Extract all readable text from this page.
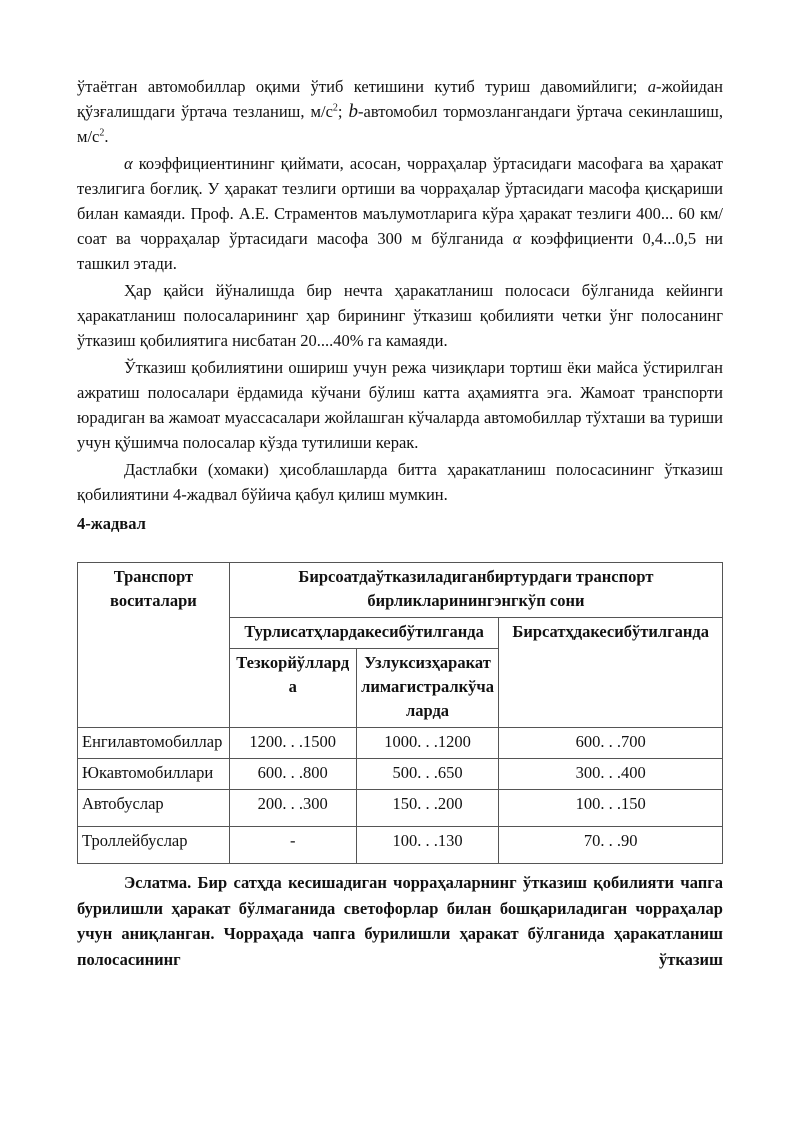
ўтаётган автомобиллар оқими ўтиб кетишини кутиб туриш давомийлиги; a-жойидан қўзғалишдаги ўртача тезланиш, $м/с^2$; b-автомобил тормозлангандаги ўртача секинлашиш, $м/с^2$.

α коэффициентининг қиймати, асосан, чорраҳалар ўртасидаги масофага ва ҳаракат тезлигига боғлиқ. У ҳаракат тезлиги ортиши ва чорраҳалар ўртасидаги масофа қисқариши билан камаяди. Проф. А.Е. Страментов маълумотларига кўра ҳаракат тезлиги 400... 60 км/соат ва чорраҳалар ўртасидаги масофа 300 м бўлганида α коэффициенти 0,4...0,5 ни ташкил этади.

Ҳар қайси йўналишда бир нечта ҳаракатланиш полосаси бўлганида кейинги ҳаракатланиш полосаларининг ҳар бирининг ўтказиш қобилияти четки ўнг полосанинг ўтказиш қобилиятига нисбатан 20....40% га камаяди.

Ўтказиш қобилиятини ошириш учун режа чизиқлари тортиш ёки майса ўстирилган ажратиш полосалари ёрдамида кўчани бўлиш катта аҳамиятга эга. Жамоат транспорти юрадиган ва жамоат муассасалари жойлашган кўчаларда автомобиллар тўхташи ва туриши учун қўшимча полосалар кўзда тутилиши керак.

Дастлабки (хомаки) ҳисоблашларда битта ҳаракатланиш полосасининг ўтказиш қобилиятини 4-жадвал бўйича қабул қилиш мумкин.

4-жадвал

Транспорт воситалари	Бирсоатдаўтказиладиганбиртурдаги транспорт бирликларинингэнгкўп сони		
	Турлисатҳлардакесибўтилганда		Бирсатҳдакесибўтилганда
	Тезкорйўлларда	Узлуксизҳаракатлимагистралкўчаларда	
Енгилавтомобиллар	1200. . .1500	1000. . .1200	600. . .700
Юкавтомобиллари	600. . .800	500. . .650	300. . .400
Автобуслар	200. . .300	150. . .200	100. . .150
Троллейбуслар	-	100. . .130	70. . .90

Эслатма. Бир сатҳда кесишадиган чорраҳаларнинг ўтказиш қобилияти чапга бурилишли ҳаракат бўлмаганида светофорлар билан бошқариладиган чорраҳалар учун аниқланган. Чорраҳада чапга бурилишли ҳаракат бўлганида ҳаракатланиш полосасининг ўтказиш
